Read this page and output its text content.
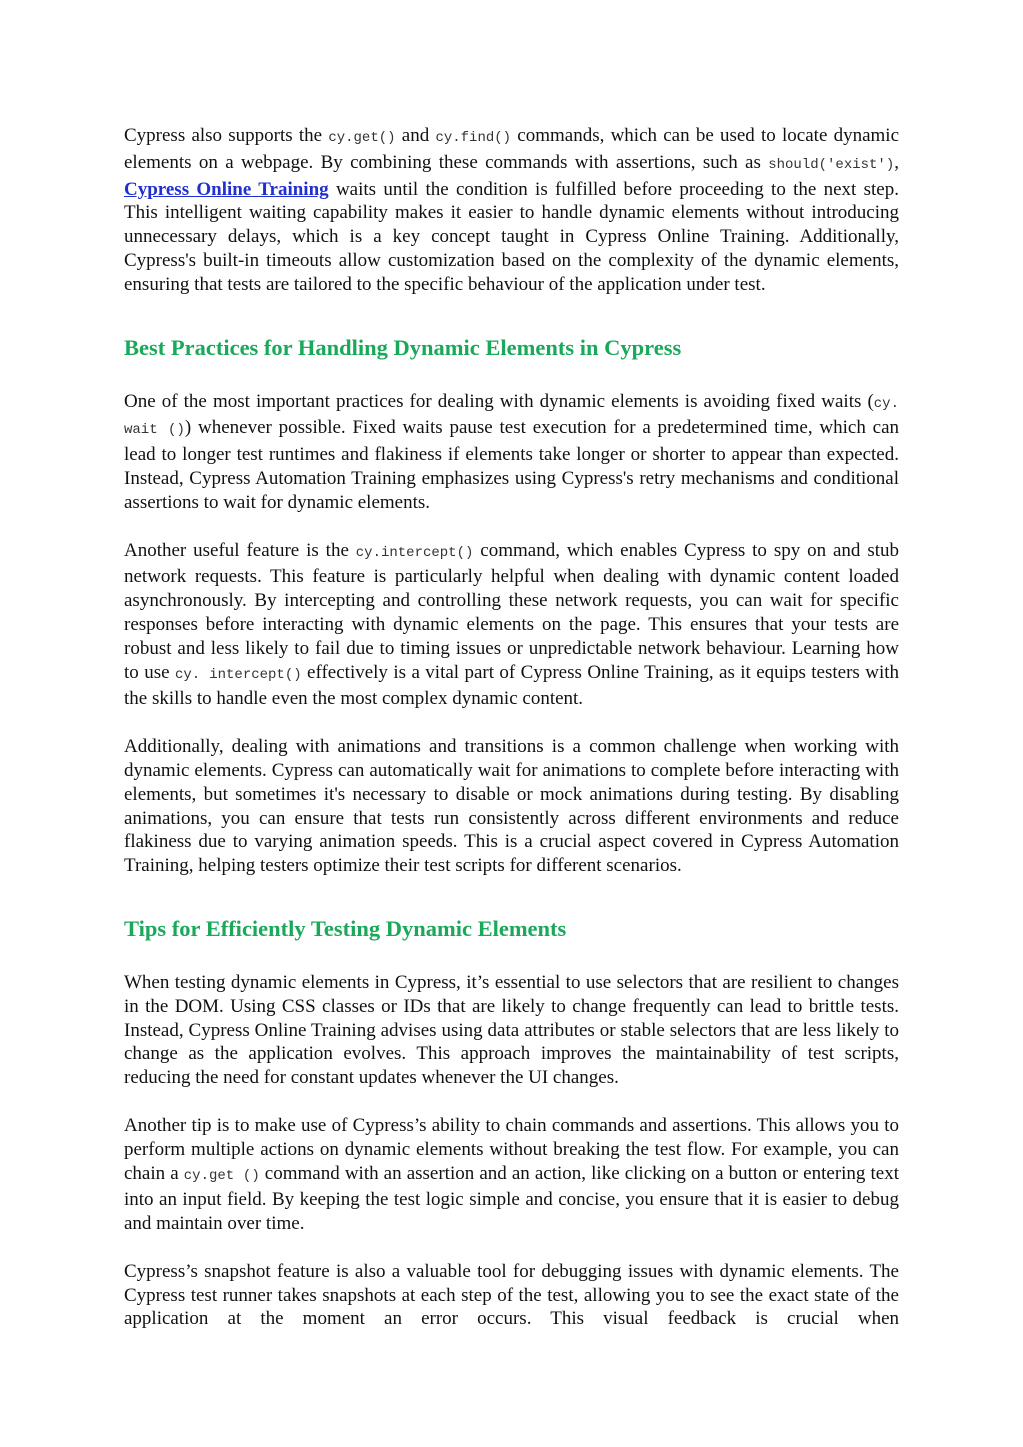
Cypress also supports the cy.get() and cy.find() commands, which can be used to locate dynamic elements on a webpage. By combining these commands with assertions, such as should('exist'), Cypress Online Training waits until the condition is fulfilled before proceeding to the next step. This intelligent waiting capability makes it easier to handle dynamic elements without introducing unnecessary delays, which is a key concept taught in Cypress Online Training. Additionally, Cypress's built-in timeouts allow customization based on the complexity of the dynamic elements, ensuring that tests are tailored to the specific behaviour of the application under test.

Best Practices for Handling Dynamic Elements in Cypress

One of the most important practices for dealing with dynamic elements is avoiding fixed waits (cy. wait ()) whenever possible. Fixed waits pause test execution for a predetermined time, which can lead to longer test runtimes and flakiness if elements take longer or shorter to appear than expected. Instead, Cypress Automation Training emphasizes using Cypress's retry mechanisms and conditional assertions to wait for dynamic elements.

Another useful feature is the cy.intercept() command, which enables Cypress to spy on and stub network requests. This feature is particularly helpful when dealing with dynamic content loaded asynchronously. By intercepting and controlling these network requests, you can wait for specific responses before interacting with dynamic elements on the page. This ensures that your tests are robust and less likely to fail due to timing issues or unpredictable network behaviour. Learning how to use cy. intercept() effectively is a vital part of Cypress Online Training, as it equips testers with the skills to handle even the most complex dynamic content.

Additionally, dealing with animations and transitions is a common challenge when working with dynamic elements. Cypress can automatically wait for animations to complete before interacting with elements, but sometimes it's necessary to disable or mock animations during testing. By disabling animations, you can ensure that tests run consistently across different environments and reduce flakiness due to varying animation speeds. This is a crucial aspect covered in Cypress Automation Training, helping testers optimize their test scripts for different scenarios.

Tips for Efficiently Testing Dynamic Elements

When testing dynamic elements in Cypress, it’s essential to use selectors that are resilient to changes in the DOM. Using CSS classes or IDs that are likely to change frequently can lead to brittle tests. Instead, Cypress Online Training advises using data attributes or stable selectors that are less likely to change as the application evolves. This approach improves the maintainability of test scripts, reducing the need for constant updates whenever the UI changes.

Another tip is to make use of Cypress’s ability to chain commands and assertions. This allows you to perform multiple actions on dynamic elements without breaking the test flow. For example, you can chain a cy.get () command with an assertion and an action, like clicking on a button or entering text into an input field. By keeping the test logic simple and concise, you ensure that it is easier to debug and maintain over time.

Cypress’s snapshot feature is also a valuable tool for debugging issues with dynamic elements. The Cypress test runner takes snapshots at each step of the test, allowing you to see the exact state of the application at the moment an error occurs. This visual feedback is crucial when
